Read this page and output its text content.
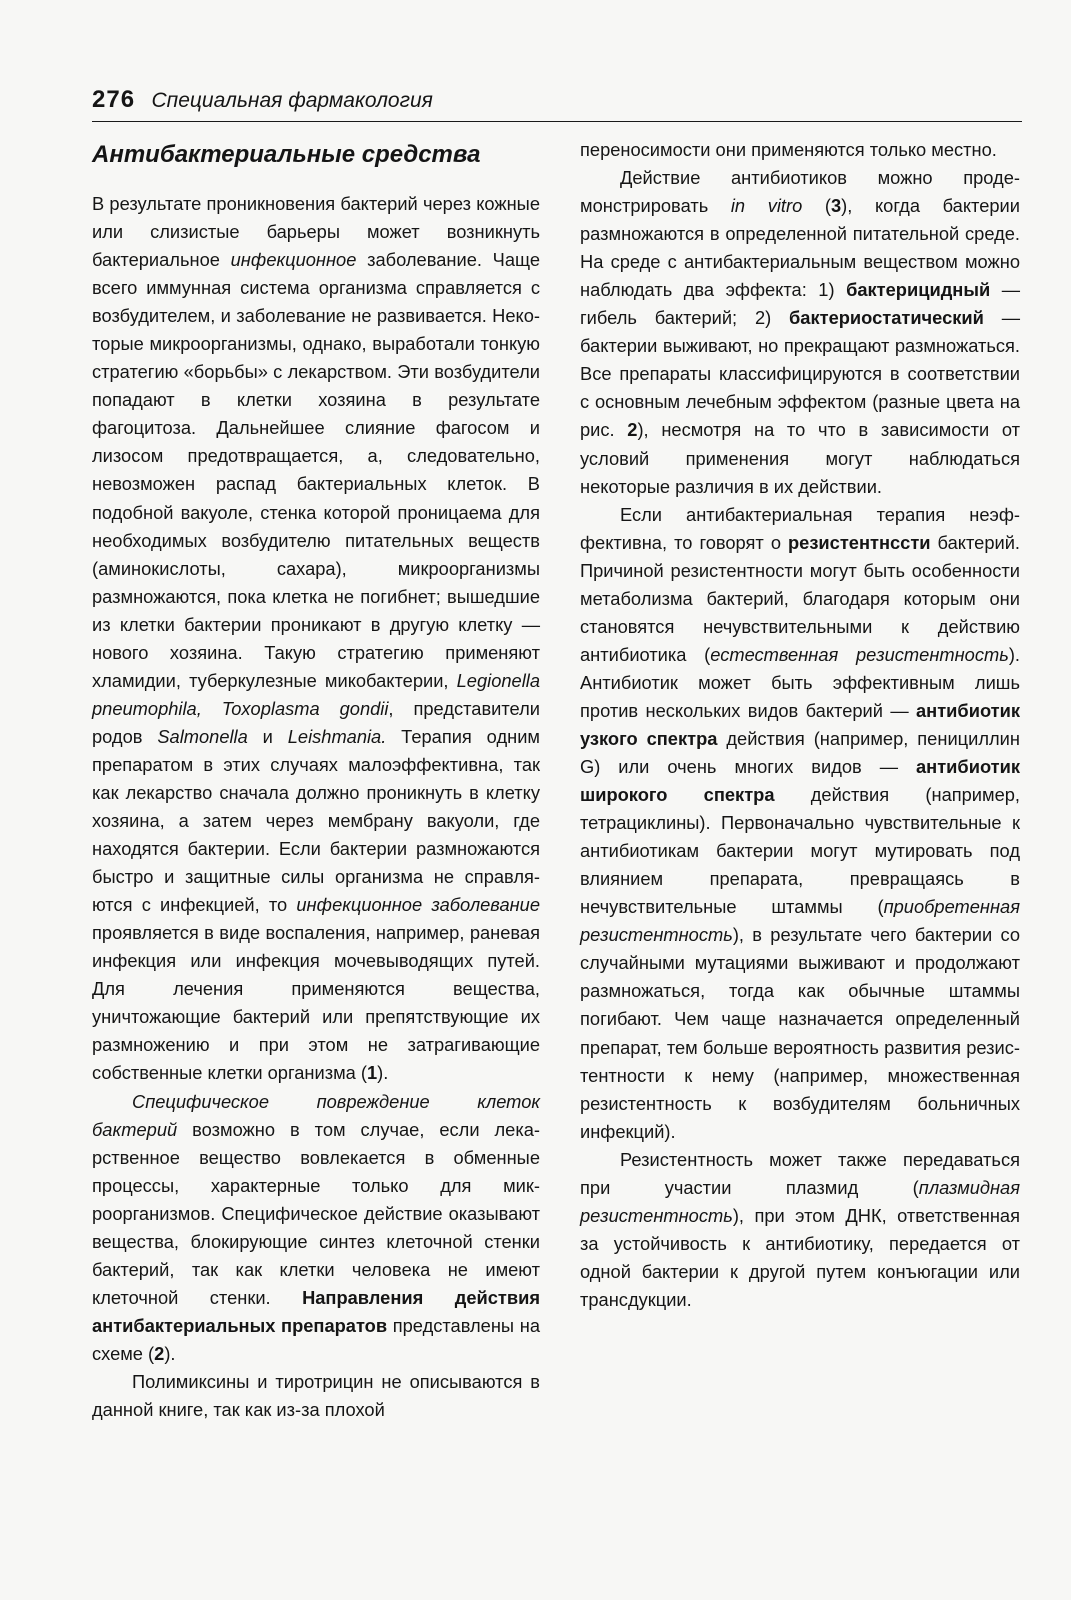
276 Специальная фармакология
Антибактериальные средства

В результате проникновения бактерий через кожные или слизистые барьеры может возникнуть бактериальное инфекционное заболевание. Чаще всего иммунная система организма справляется с возбудителем, и заболевание не развивается. Некоторые микроорганизмы, однако, выработали тонкую стратегию «борьбы» с лекарством. Эти возбудители попадают в клетки хозяина в результате фагоцитоза. Дальнейшее слияние фагосом и лизосом предотвращается, а, следовательно, невозможен распад бактериальных клеток. В подобной вакуоле, стенка которой проницаема для необходимых возбудителю питательных веществ (аминокислоты, сахара), микроорганизмы размножаются, пока клетка не погибнет; вышедшие из клетки бактерии проникают в другую клетку — нового хозяина. Такую стратегию применяют хламидии, туберкулезные микобактерии, Legionella pneumophila, Toxoplasma gondii, представители родов Salmonella и Leishmania. Терапия одним препаратом в этих случаях малоэффективна, так как лекарство сначала должно проникнуть в клетку хозяина, а затем через мембрану вакуоли, где находятся бактерии. Если бактерии размножаются быстро и защитные силы организма не справляются с инфекцией, то инфекционное заболевание проявляется в виде воспаления, например, раневая инфекция или инфекция мочевыводящих путей. Для лечения применяются вещества, уничтожающие бактерий или препятствующие их размножению и при этом не затрагивающие собственные клетки организма (1).

Специфическое повреждение клеток бактерий возможно в том случае, если лекарственное вещество вовлекается в обменные процессы, характерные только для микроорганизмов. Специфическое действие оказывают вещества, блокирующие синтез клеточной стенки бактерий, так как клетки человека не имеют клеточной стенки. Направления действия антибактериальных препаратов представлены на схеме (2).

Полимиксины и тиротрицин не описываются в данной книге, так как из-за плохой

переносимости они применяются только местно.

Действие антибиотиков можно продемонстрировать in vitro (3), когда бактерии размножаются в определенной питательной среде. На среде с антибактериальным веществом можно наблюдать два эффекта: 1) бактерицидный — гибель бактерий; 2) бактериостатический — бактерии выживают, но прекращают размножаться. Все препараты классифицируются в соответствии с основным лечебным эффектом (разные цвета на рис. 2), несмотря на то что в зависимости от условий применения могут наблюдаться некоторые различия в их действии.

Если антибактериальная терапия неэффективна, то говорят о резистентнссти бактерий. Причиной резистентности могут быть особенности метаболизма бактерий, благодаря которым они становятся нечувствительными к действию антибиотика (естественная резистентность). Антибиотик может быть эффективным лишь против нескольких видов бактерий — антибиотик узкого спектра действия (например, пенициллин G) или очень многих видов — антибиотик широкого спектра действия (например, тетрациклины). Первоначально чувствительные к антибиотикам бактерии могут мутировать под влиянием препарата, превращаясь в нечувствительные штаммы (приобретенная резистентность), в результате чего бактерии со случайными мутациями выживают и продолжают размножаться, тогда как обычные штаммы погибают. Чем чаще назначается определенный препарат, тем больше вероятность развития резистентности к нему (например, множественная резистентность к возбудителям больничных инфекций).

Резистентность может также передаваться при участии плазмид (плазмидная резистентность), при этом ДНК, ответственная за устойчивость к антибиотику, передается от одной бактерии к другой путем конъюгации или трансдукции.
